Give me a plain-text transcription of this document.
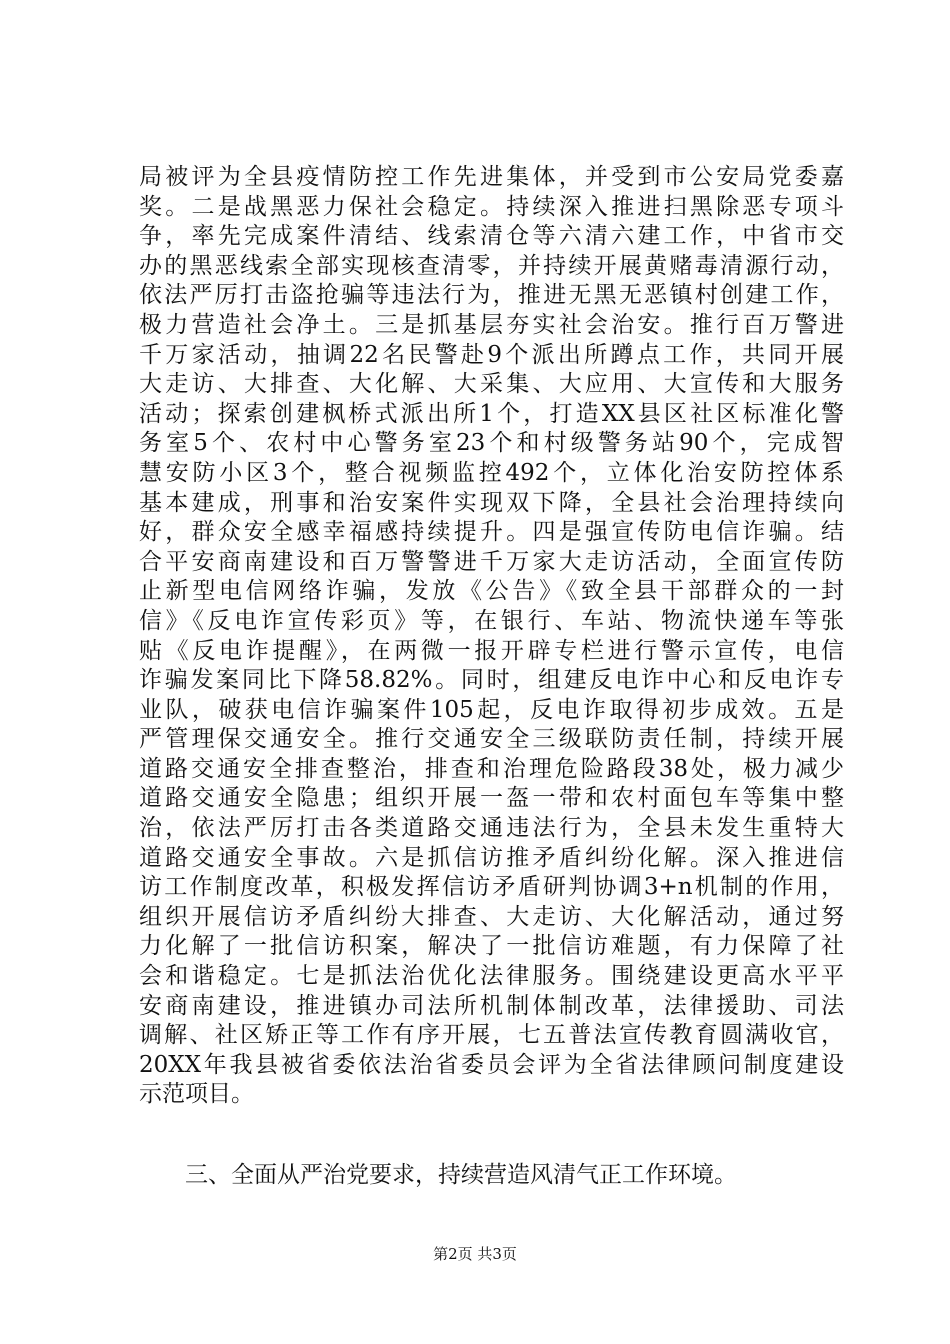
局被评为全县疫情防控工作先进集体，并受到市公安局党委嘉
奖。二是战黑恶力保社会稳定。持续深入推进扫黑除恶专项斗
争，率先完成案件清结、线索清仓等六清六建工作，中省市交
办的黑恶线索全部实现核查清零，并持续开展黄赌毒清源行动，
依法严厉打击盗抢骗等违法行为，推进无黑无恶镇村创建工作，
极力营造社会净土。三是抓基层夯实社会治安。推行百万警进
千万家活动，抽调22名民警赴9个派出所蹲点工作，共同开展
大走访、大排查、大化解、大采集、大应用、大宣传和大服务
活动；探索创建枫桥式派出所1个，打造XX县区社区标准化警
务室5个、农村中心警务室23个和村级警务站90个，完成智
慧安防小区3个，整合视频监控492个，立体化治安防控体系
基本建成，刑事和治安案件实现双下降，全县社会治理持续向
好，群众安全感幸福感持续提升。四是强宣传防电信诈骗。结
合平安商南建设和百万警警进千万家大走访活动，全面宣传防
止新型电信网络诈骗，发放《公告》《致全县干部群众的一封
信》《反电诈宣传彩页》等，在银行、车站、物流快递车等张
贴《反电诈提醒》，在两微一报开辟专栏进行警示宣传，电信
诈骗发案同比下降58.82%。同时，组建反电诈中心和反电诈专
业队，破获电信诈骗案件105起，反电诈取得初步成效。五是
严管理保交通安全。推行交通安全三级联防责任制，持续开展
道路交通安全排查整治，排查和治理危险路段38处，极力减少
道路交通安全隐患；组织开展一盔一带和农村面包车等集中整
治，依法严厉打击各类道路交通违法行为，全县未发生重特大
道路交通安全事故。六是抓信访推矛盾纠纷化解。深入推进信
访工作制度改革，积极发挥信访矛盾研判协调3+n机制的作用，
组织开展信访矛盾纠纷大排查、大走访、大化解活动，通过努
力化解了一批信访积案，解决了一批信访难题，有力保障了社
会和谐稳定。七是抓法治优化法律服务。围绕建设更高水平平
安商南建设，推进镇办司法所机制体制改革，法律援助、司法
调解、社区矫正等工作有序开展，七五普法宣传教育圆满收官，
20XX年我县被省委依法治省委员会评为全省法律顾问制度建设
示范项目。

三、全面从严治党要求，持续营造风清气正工作环境。

第2页 共3页
